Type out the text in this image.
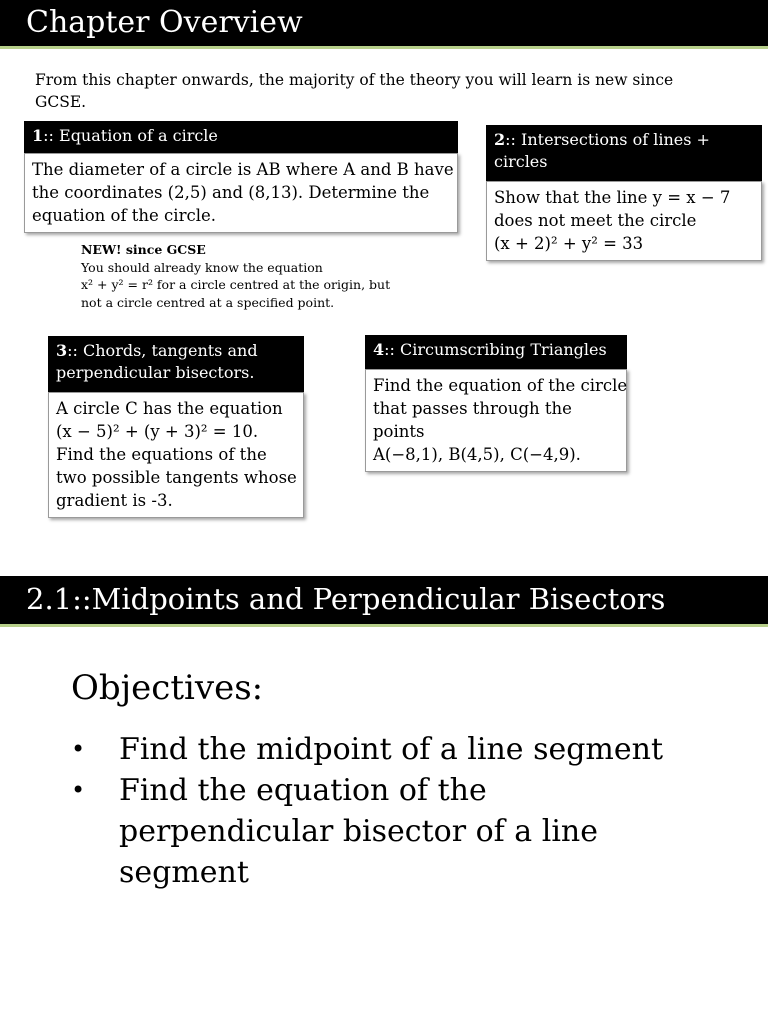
Chapter Overview
From this chapter onwards, the majority of the theory you will learn is new since
GCSE.
1:: Equation of a circle
The diameter of a circle is AB where A and B have
the coordinates (2,5) and (8,13). Determine the
equation of the circle.
2:: Intersections of lines +
circles
Show that the line y = x − 7
does not meet the circle
(x + 2)² + y² = 33
NEW! since GCSE
You should already know the equation
x² + y² = r² for a circle centred at the origin, but
not a circle centred at a specified point.
3:: Chords, tangents and
perpendicular bisectors.
A circle C has the equation
(x − 5)² + (y + 3)² = 10.
Find the equations of the
two possible tangents whose
gradient is -3.
4:: Circumscribing Triangles
Find the equation of the circle
that passes through the
points
A(−8,1), B(4,5), C(−4,9).
2.1::Midpoints and Perpendicular Bisectors
Objectives:
• Find the midpoint of a line segment
• Find the equation of the
perpendicular bisector of a line
segment
